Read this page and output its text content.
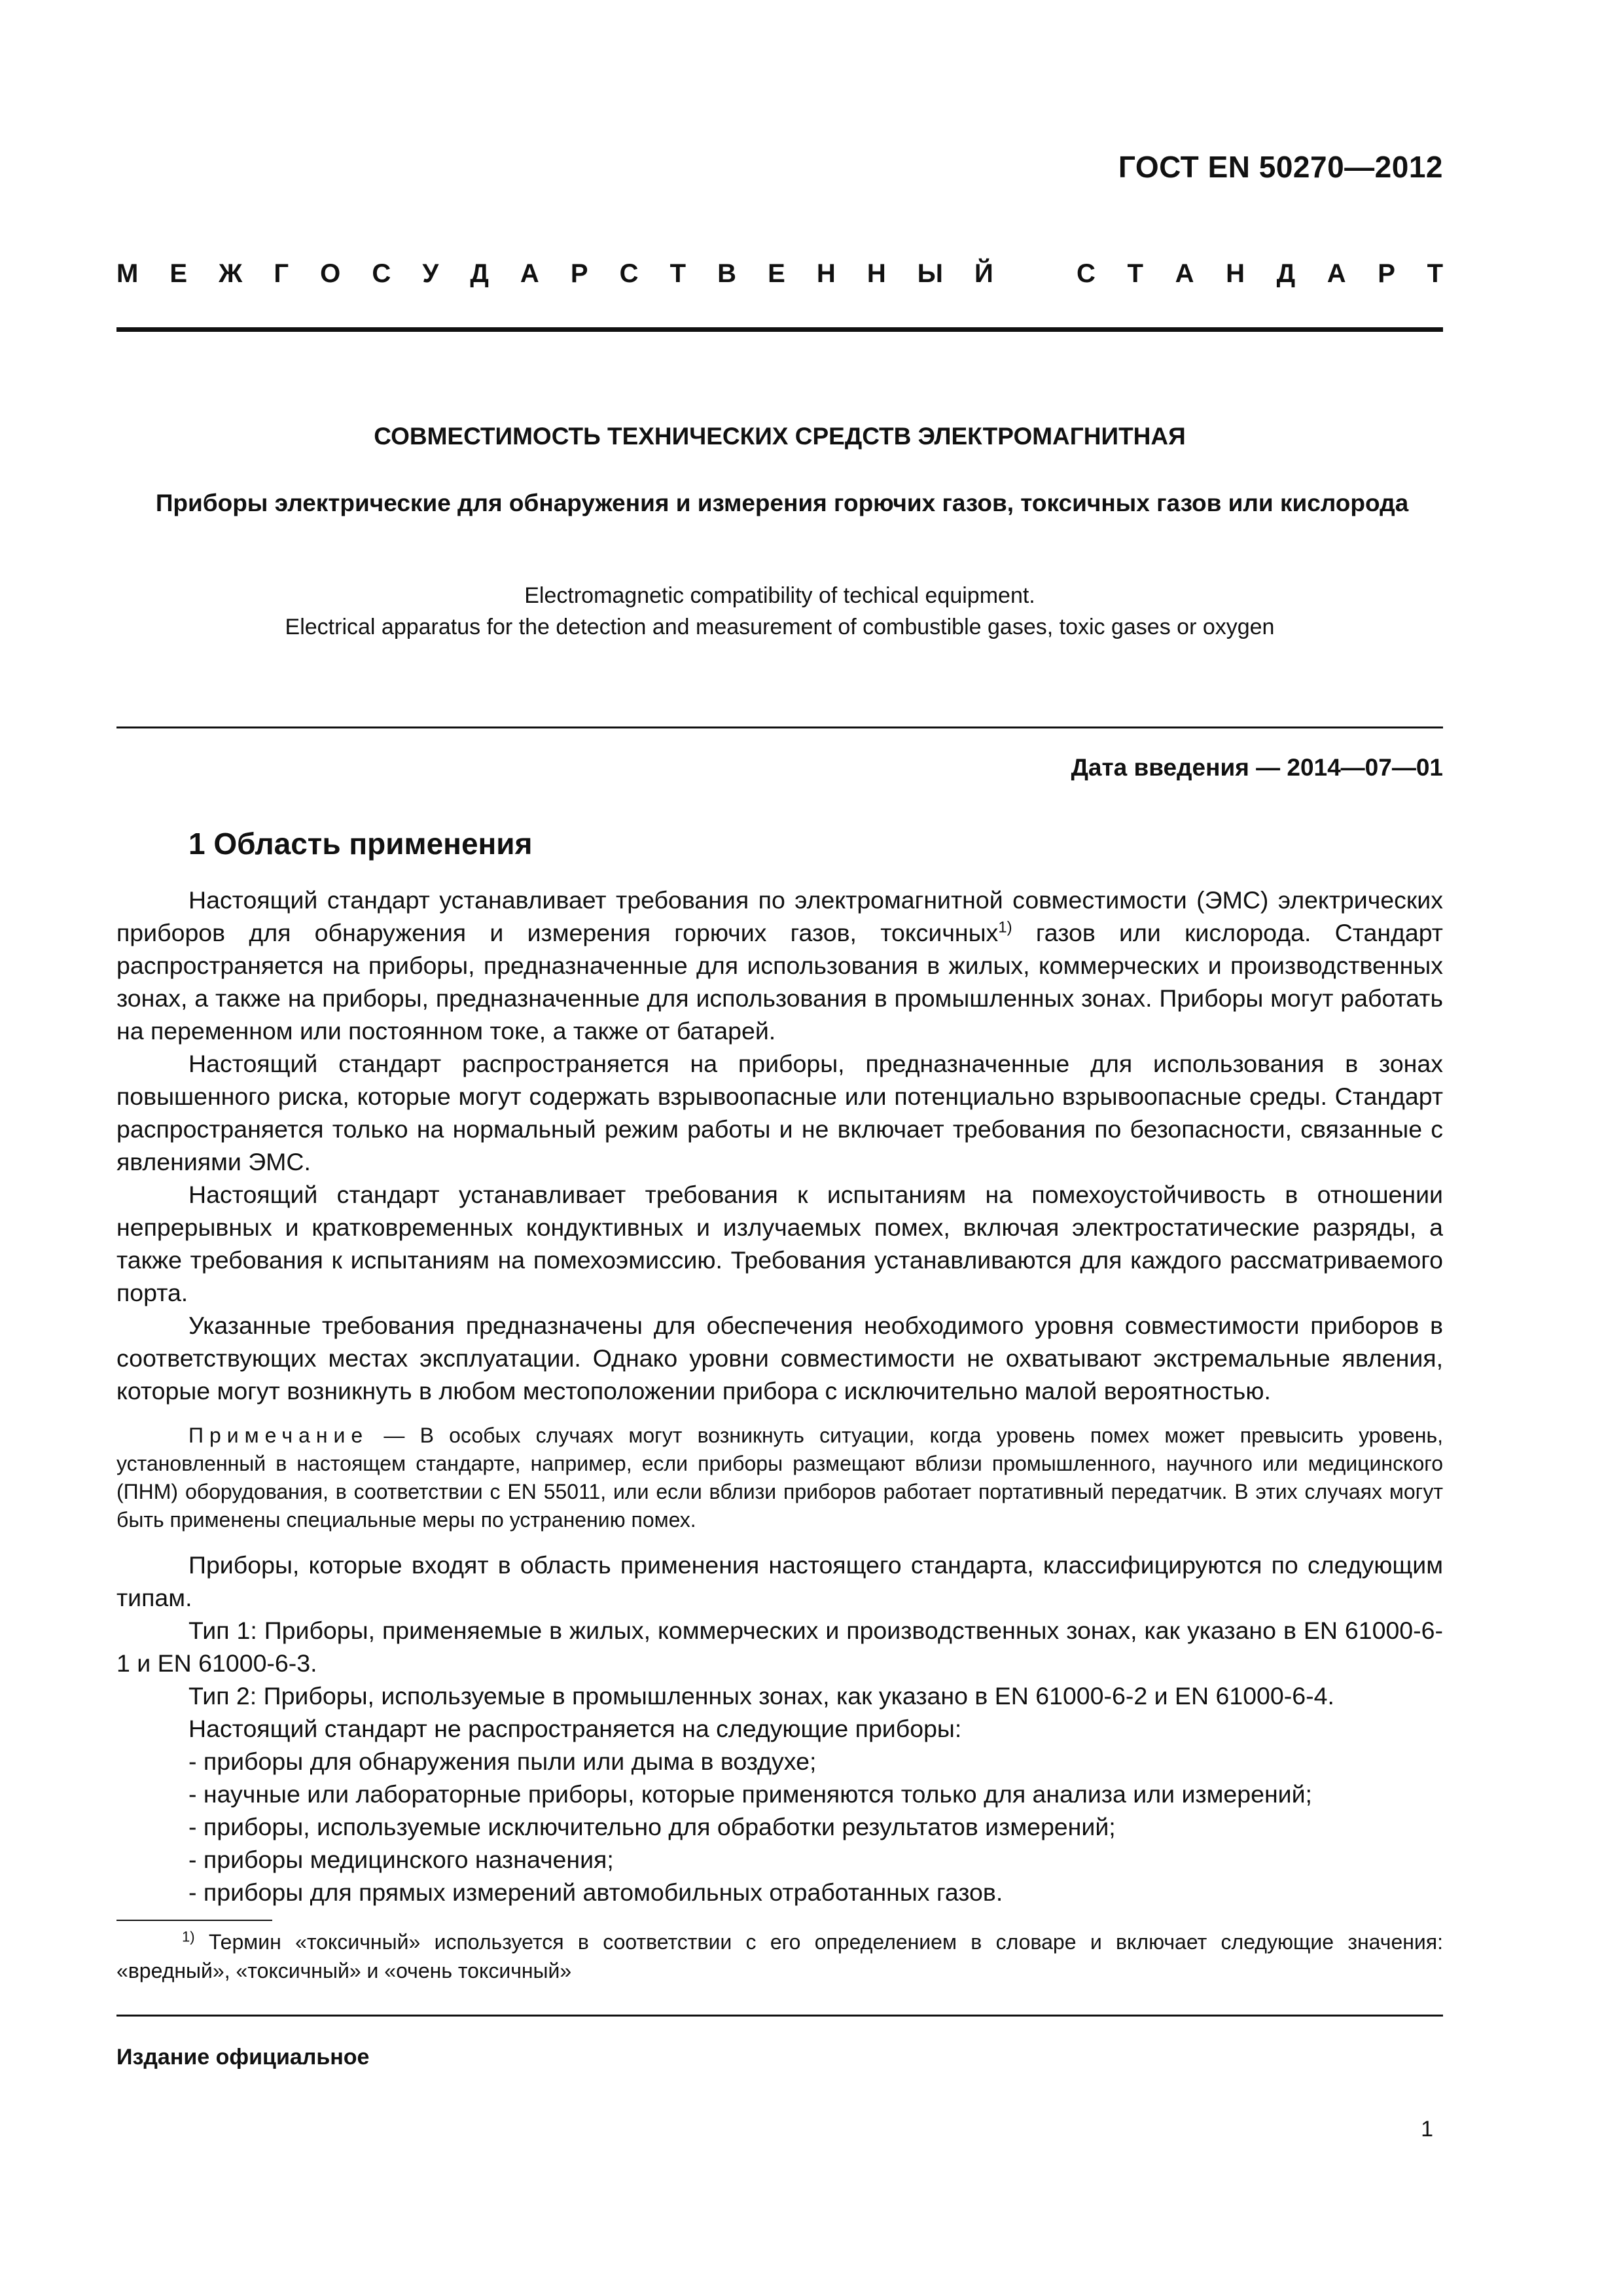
ГОСТ EN 50270—2012
М Е Ж Г О С У Д А Р С Т В Е Н Н Ы Й	С Т А Н Д А Р Т
СОВМЕСТИМОСТЬ ТЕХНИЧЕСКИХ СРЕДСТВ ЭЛЕКТРОМАГНИТНАЯ
Приборы электрические для обнаружения и измерения горючих газов, токсичных газов или кислорода
Electromagnetic compatibility of techical equipment.
Electrical apparatus for the detection and measurement of combustible gases, toxic gases or oxygen
Дата введения — 2014—07—01
1 Область применения

Настоящий стандарт устанавливает требования по электромагнитной совместимости (ЭМС) электрических приборов для обнаружения и измерения горючих газов, токсичных$^{1)}$ газов или кислорода. Стандарт распространяется на приборы, предназначенные для использования в жилых, коммерческих и производственных зонах, а также на приборы, предназначенные для использования в промышленных зонах. Приборы могут работать на переменном или постоянном токе, а также от батарей.

Настоящий стандарт распространяется на приборы, предназначенные для использования в зонах повышенного риска, которые могут содержать взрывоопасные или потенциально взрывоопасные среды. Стандарт распространяется только на нормальный режим работы и не включает требования по безопасности, связанные с явлениями ЭМС.

Настоящий стандарт устанавливает требования к испытаниям на помехоустойчивость в отношении непрерывных и кратковременных кондуктивных и излучаемых помех, включая электростатические разряды, а также требования к испытаниям на помехоэмиссию. Требования устанавливаются для каждого рассматриваемого порта.

Указанные требования предназначены для обеспечения необходимого уровня совместимости приборов в соответствующих местах эксплуатации. Однако уровни совместимости не охватывают экстремальные явления, которые могут возникнуть в любом местоположении прибора с исключительно малой вероятностью.

Примечание — В особых случаях могут возникнуть ситуации, когда уровень помех может превысить уровень, установленный в настоящем стандарте, например, если приборы размещают вблизи промышленного, научного или медицинского (ПНМ) оборудования, в соответствии с EN 55011, или если вблизи приборов работает портативный передатчик. В этих случаях могут быть применены специальные меры по устранению помех.

Приборы, которые входят в область применения настоящего стандарта, классифицируются по следующим типам.

Тип 1: Приборы, применяемые в жилых, коммерческих и производственных зонах, как указано в EN 61000-6-1 и EN 61000-6-3.

Тип 2: Приборы, используемые в промышленных зонах, как указано в EN 61000-6-2 и EN 61000-6-4.

Настоящий стандарт не распространяется на следующие приборы:

- приборы для обнаружения пыли или дыма в воздухе;
- научные или лабораторные приборы, которые применяются только для анализа или измерений;
- приборы, используемые исключительно для обработки результатов измерений;
- приборы медицинского назначения;
- приборы для прямых измерений автомобильных отработанных газов.
$^{1)}$ Термин «токсичный» используется в соответствии с его определением в словаре и включает следующие значения: «вредный», «токсичный» и «очень токсичный»
Издание официальное
1
